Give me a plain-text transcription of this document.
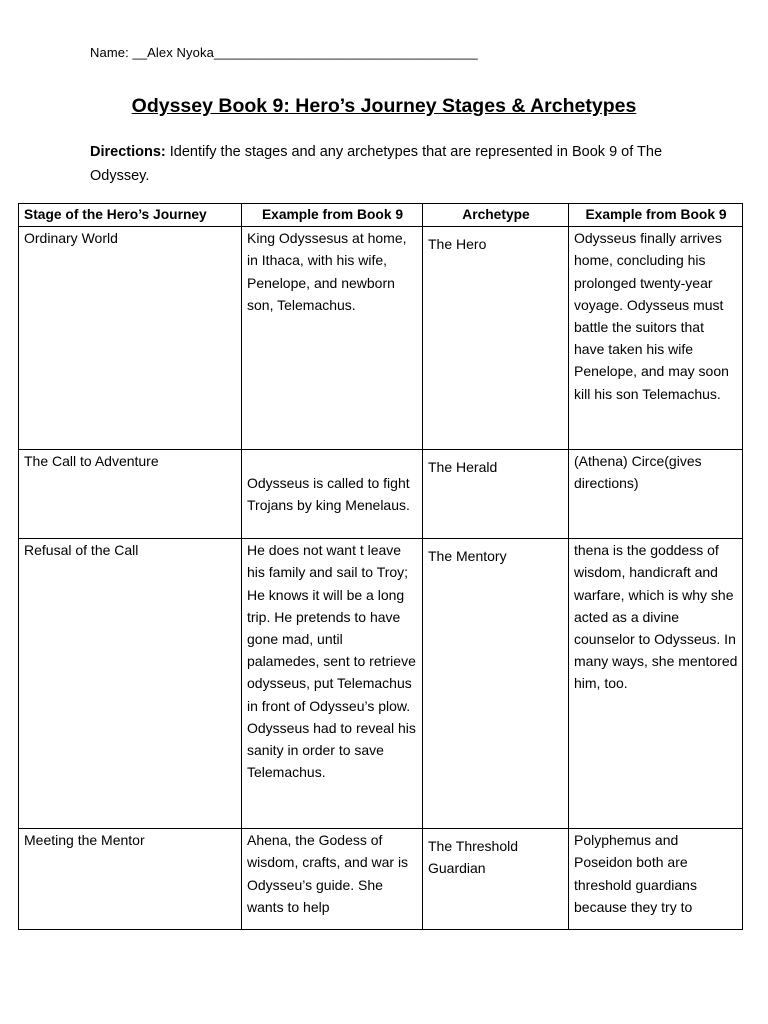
Name: __Alex Nyoka____________________________________
Odyssey Book 9: Hero’s Journey Stages & Archetypes
Directions: Identify the stages and any archetypes that are represented in Book 9 of The Odyssey.
Stage of the Hero’s Journey	Example from Book 9	Archetype	Example from Book 9
Ordinary World	King Odyssesus at home, in Ithaca, with his wife, Penelope, and newborn son, Telemachus.	The Hero	Odysseus finally arrives home, concluding his prolonged twenty-year voyage. Odysseus must battle the suitors that have taken his wife Penelope, and may soon kill his son Telemachus.
The Call to Adventure	Odysseus is called to fight Trojans by king Menelaus.	The Herald	(Athena) Circe(gives directions)
Refusal of the Call	He does not want t leave his family and sail to Troy; He knows it will be a long trip. He pretends to have gone mad, until palamedes, sent to retrieve odysseus, put Telemachus in front of Odysseu’s plow. Odysseus had to reveal his sanity in order to save Telemachus.	The Mentory	thena is the goddess of wisdom, handicraft and warfare, which is why she acted as a divine counselor to Odysseus. In many ways, she mentored him, too.
Meeting the Mentor	Ahena, the Godess of wisdom, crafts, and war is Odysseu’s guide. She wants to help	The Threshold Guardian	Polyphemus and Poseidon both are threshold guardians because they try to
